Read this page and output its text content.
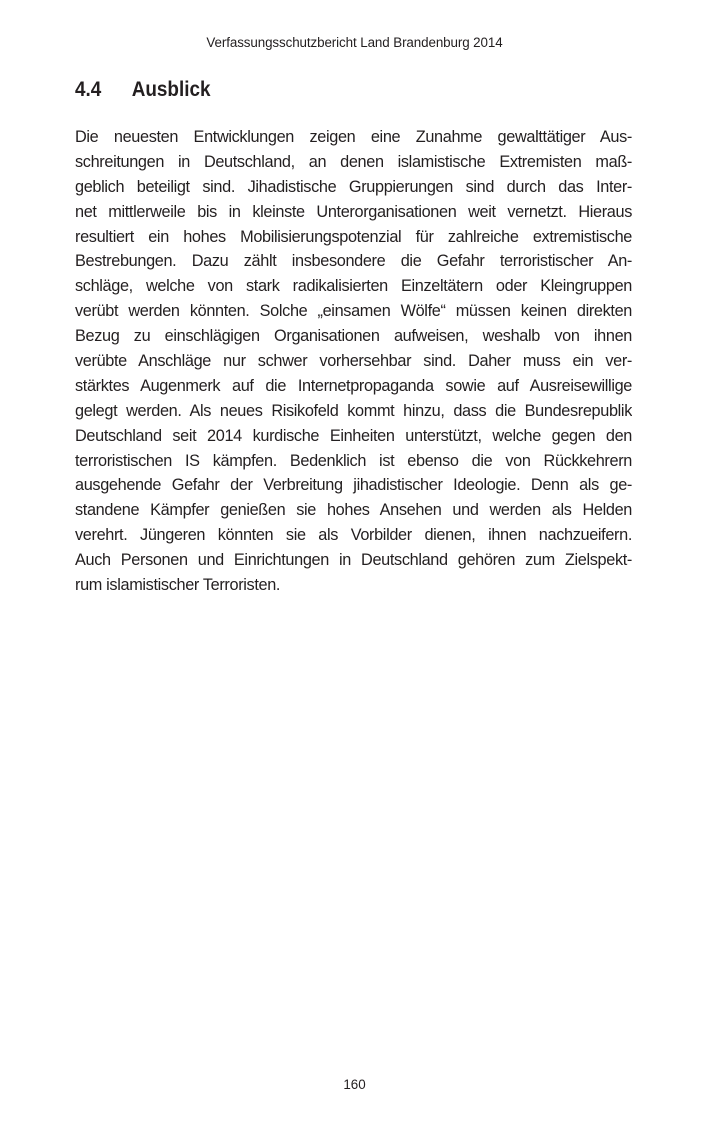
Verfassungsschutzbericht Land Brandenburg 2014
4.4 Ausblick
Die neuesten Entwicklungen zeigen eine Zunahme gewalttätiger Aus-
schreitungen in Deutschland, an denen islamistische Extremisten maß-
geblich beteiligt sind. Jihadistische Gruppierungen sind durch das Inter-
net mittlerweile bis in kleinste Unterorganisationen weit vernetzt. Hieraus
resultiert ein hohes Mobilisierungspotenzial für zahlreiche extremistische
Bestrebungen. Dazu zählt insbesondere die Gefahr terroristischer An-
schläge, welche von stark radikalisierten Einzeltätern oder Kleingruppen
verübt werden könnten. Solche „einsamen Wölfe“ müssen keinen direkten
Bezug zu einschlägigen Organisationen aufweisen, weshalb von ihnen
verübte Anschläge nur schwer vorhersehbar sind. Daher muss ein ver-
stärktes Augenmerk auf die Internetpropaganda sowie auf Ausreisewillige
gelegt werden. Als neues Risikofeld kommt hinzu, dass die Bundesrepublik
Deutschland seit 2014 kurdische Einheiten unterstützt, welche gegen den
terroristischen IS kämpfen. Bedenklich ist ebenso die von Rückkehrern
ausgehende Gefahr der Verbreitung jihadistischer Ideologie. Denn als ge-
standene Kämpfer genießen sie hohes Ansehen und werden als Helden
verehrt. Jüngeren könnten sie als Vorbilder dienen, ihnen nachzueifern.
Auch Personen und Einrichtungen in Deutschland gehören zum Zielspekt-
rum islamistischer Terroristen.
160
